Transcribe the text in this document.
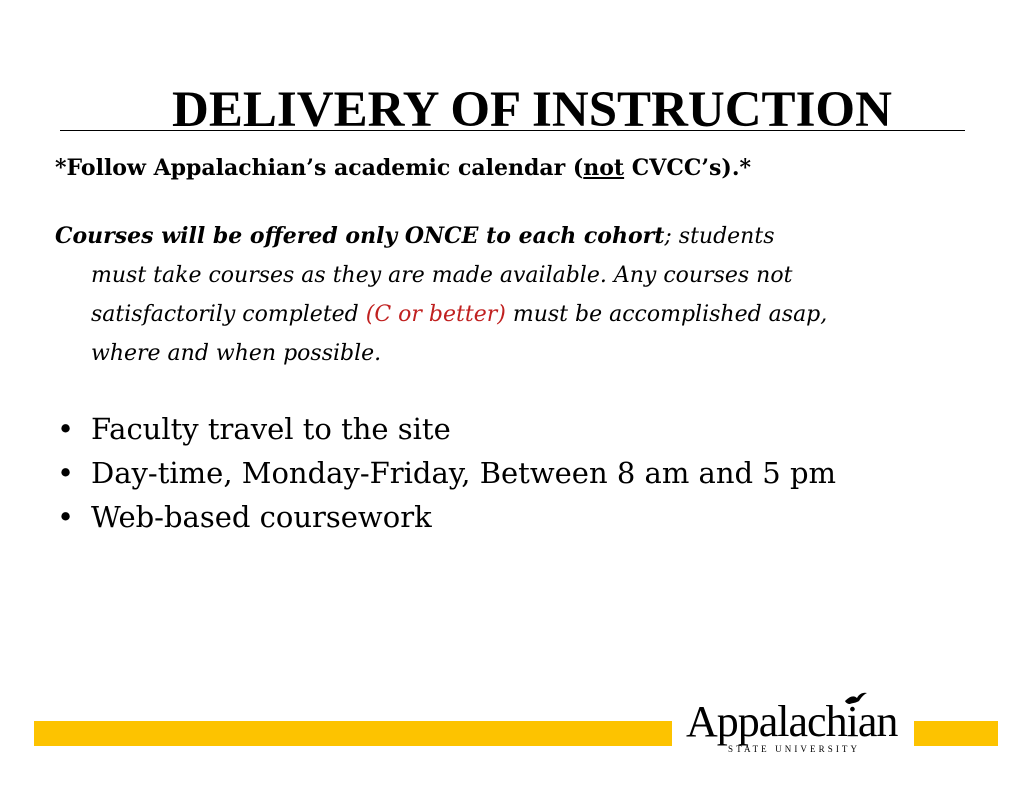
DELIVERY OF INSTRUCTION
*Follow Appalachian’s academic calendar (not CVCC’s).*
Courses will be offered only ONCE to each cohort; students
must take courses as they are made available. Any courses not
satisfactorily completed (C or better) must be accomplished asap,
where and when possible.
• Faculty travel to the site
• Day-time, Monday-Friday, Between 8 am and 5 pm
• Web-based coursework
Appalachian
STATE UNIVERSITY
